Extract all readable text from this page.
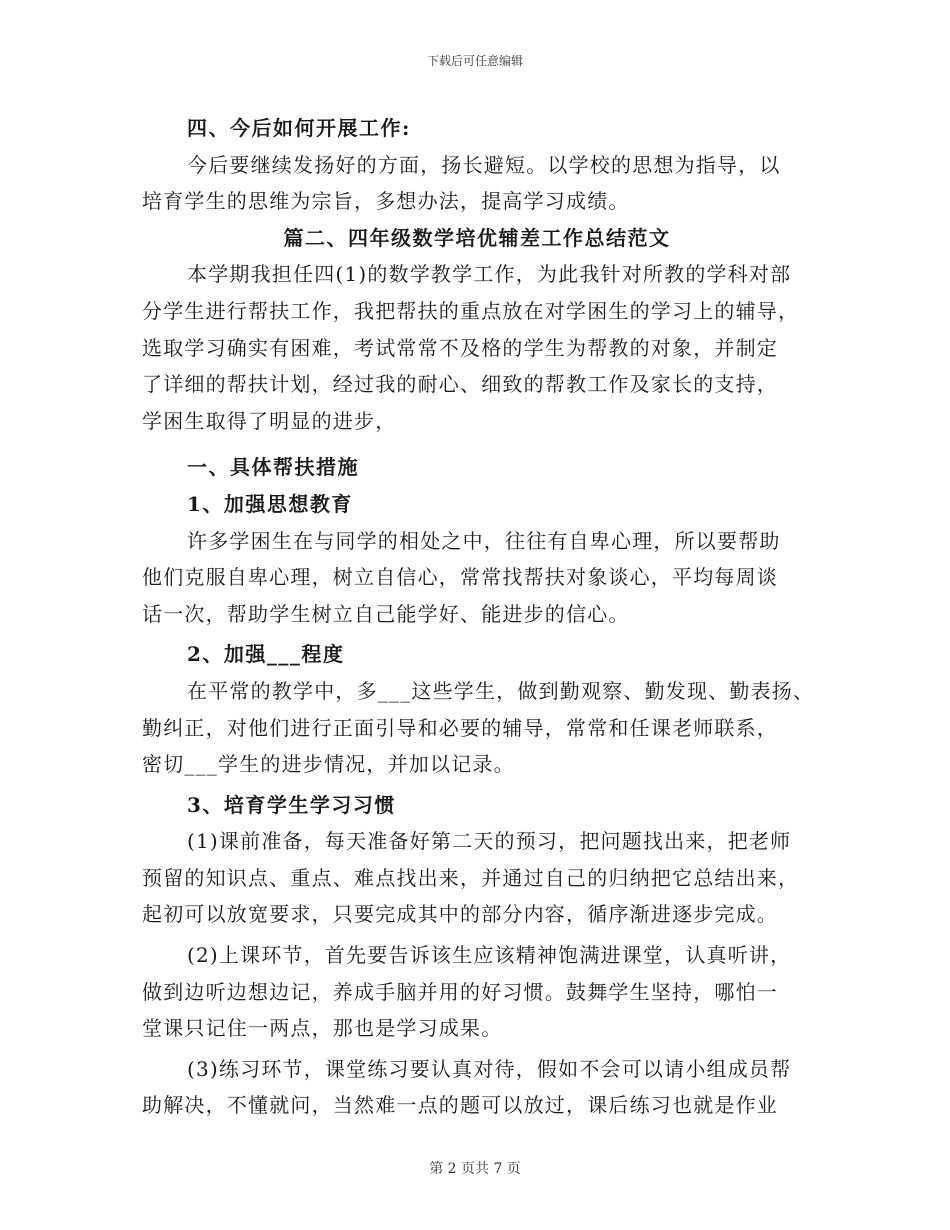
下载后可任意编辑
四、今后如何开展工作:
今后要继续发扬好的方面，扬长避短。以学校的思想为指导，以
培育学生的思维为宗旨，多想办法，提高学习成绩。
篇二、四年级数学培优辅差工作总结范文
本学期我担任四(1)的数学教学工作，为此我针对所教的学科对部
分学生进行帮扶工作，我把帮扶的重点放在对学困生的学习上的辅导，
选取学习确实有困难，考试常常不及格的学生为帮教的对象，并制定
了详细的帮扶计划，经过我的耐心、细致的帮教工作及家长的支持，
学困生取得了明显的进步，
一、具体帮扶措施
1、加强思想教育
许多学困生在与同学的相处之中，往往有自卑心理，所以要帮助
他们克服自卑心理，树立自信心，常常找帮扶对象谈心，平均每周谈
话一次，帮助学生树立自己能学好、能进步的信心。
2、加强___程度
在平常的教学中，多___这些学生，做到勤观察、勤发现、勤表扬、
勤纠正，对他们进行正面引导和必要的辅导，常常和任课老师联系，
密切___学生的进步情况，并加以记录。
3、培育学生学习习惯
(1)课前准备，每天准备好第二天的预习，把问题找出来，把老师
预留的知识点、重点、难点找出来，并通过自己的归纳把它总结出来，
起初可以放宽要求，只要完成其中的部分内容，循序渐进逐步完成。
(2)上课环节，首先要告诉该生应该精神饱满进课堂，认真听讲，
做到边听边想边记，养成手脑并用的好习惯。鼓舞学生坚持，哪怕一
堂课只记住一两点，那也是学习成果。
(3)练习环节，课堂练习要认真对待，假如不会可以请小组成员帮
助解决，不懂就问，当然难一点的题可以放过，课后练习也就是作业
第 2 页共 7 页
